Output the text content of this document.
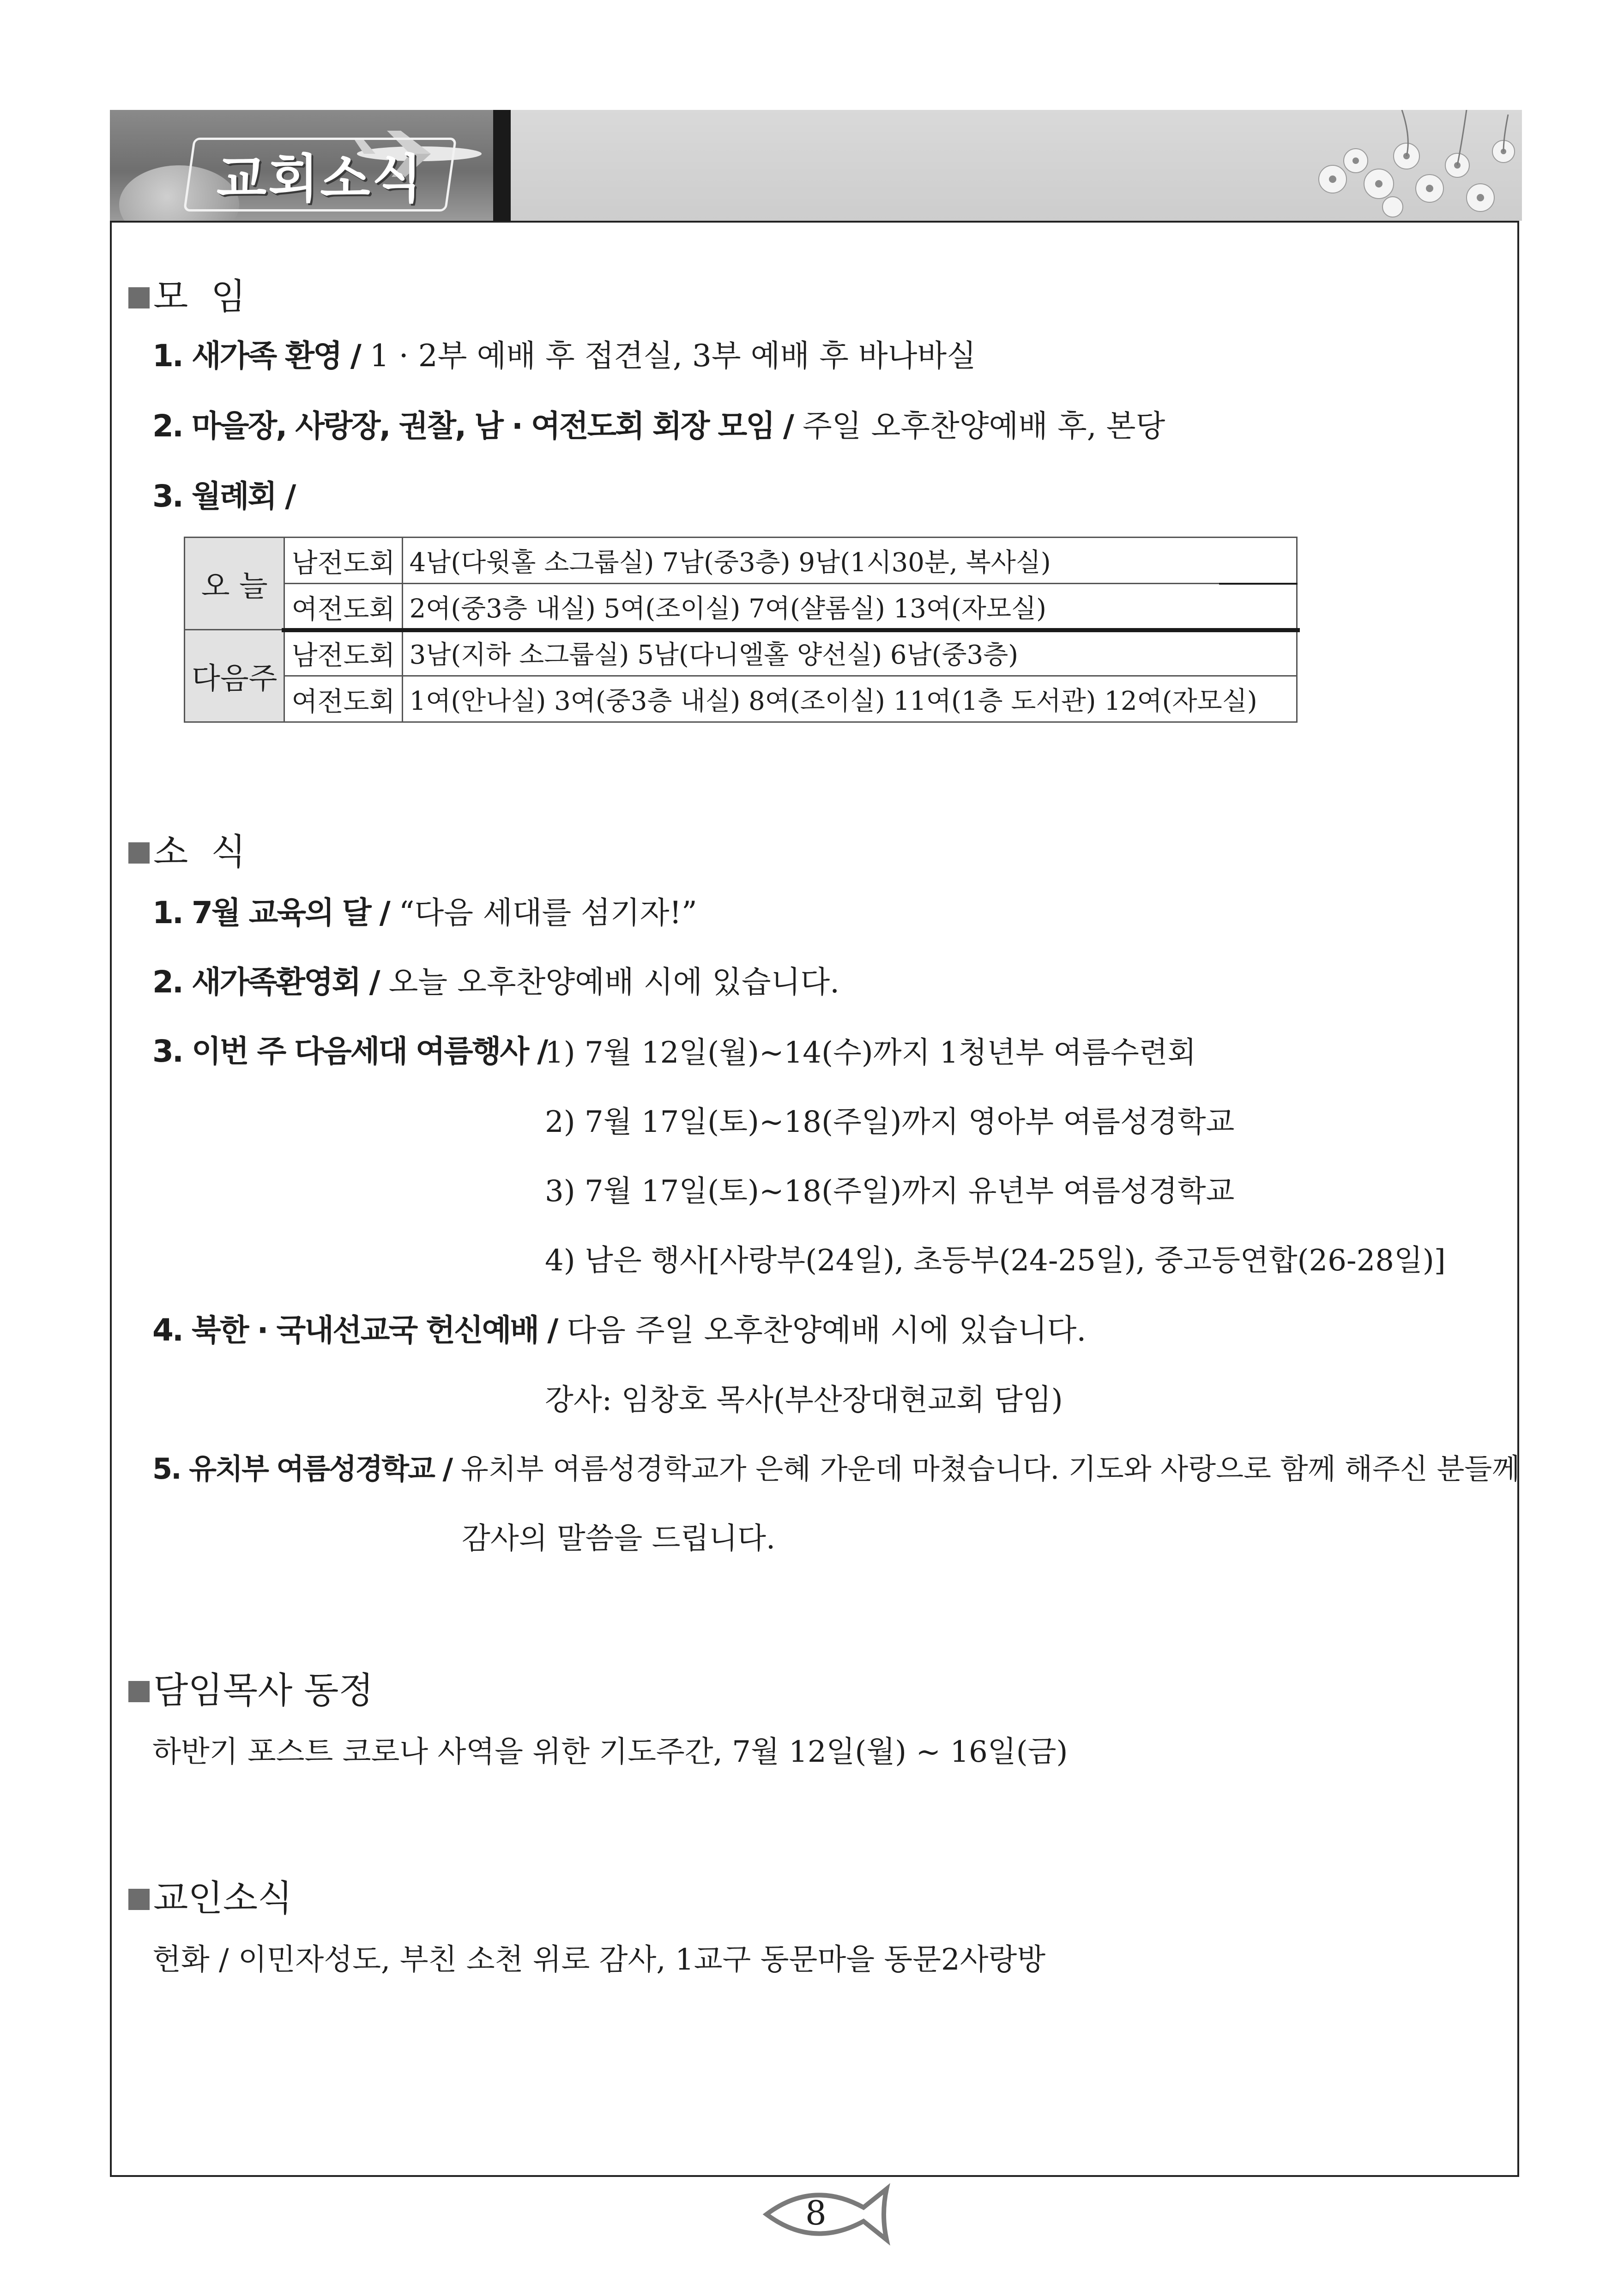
교회소식
모  임
1. 새가족 환영 / 1 · 2부 예배 후 접견실, 3부 예배 후 바나바실
2. 마을장, 사랑장, 권찰, 남 · 여전도회 회장 모임 / 주일 오후찬양예배 후, 본당
3. 월례회 /
오 늘	남전도회	4남(다윗홀 소그룹실) 7남(중3층) 9남(1시30분, 복사실)
	여전도회	2여(중3층 내실) 5여(조이실) 7여(샬롬실) 13여(자모실)
다음주	남전도회	3남(지하 소그룹실) 5남(다니엘홀 양선실) 6남(중3층)
	여전도회	1여(안나실) 3여(중3층 내실) 8여(조이실) 11여(1층 도서관) 12여(자모실)
소  식
1. 7월 교육의 달 / “다음 세대를 섬기자!”
2. 새가족환영회 / 오늘 오후찬양예배 시에 있습니다.
3. 이번 주 다음세대 여름행사 /
1) 7월 12일(월)~14(수)까지 1청년부 여름수련회
2) 7월 17일(토)~18(주일)까지 영아부 여름성경학교
3) 7월 17일(토)~18(주일)까지 유년부 여름성경학교
4) 남은 행사[사랑부(24일), 초등부(24-25일), 중고등연합(26-28일)]
4. 북한 · 국내선교국 헌신예배 / 다음 주일 오후찬양예배 시에 있습니다.
강사: 임창호 목사(부산장대현교회 담임)
5. 유치부 여름성경학교 / 유치부 여름성경학교가 은혜 가운데 마쳤습니다. 기도와 사랑으로 함께 해주신 분들께
감사의 말씀을 드립니다.
담임목사 동정
하반기 포스트 코로나 사역을 위한 기도주간, 7월 12일(월) ~ 16일(금)
교인소식
헌화 / 이민자성도, 부친 소천 위로 감사, 1교구 동문마을 동문2사랑방
8
